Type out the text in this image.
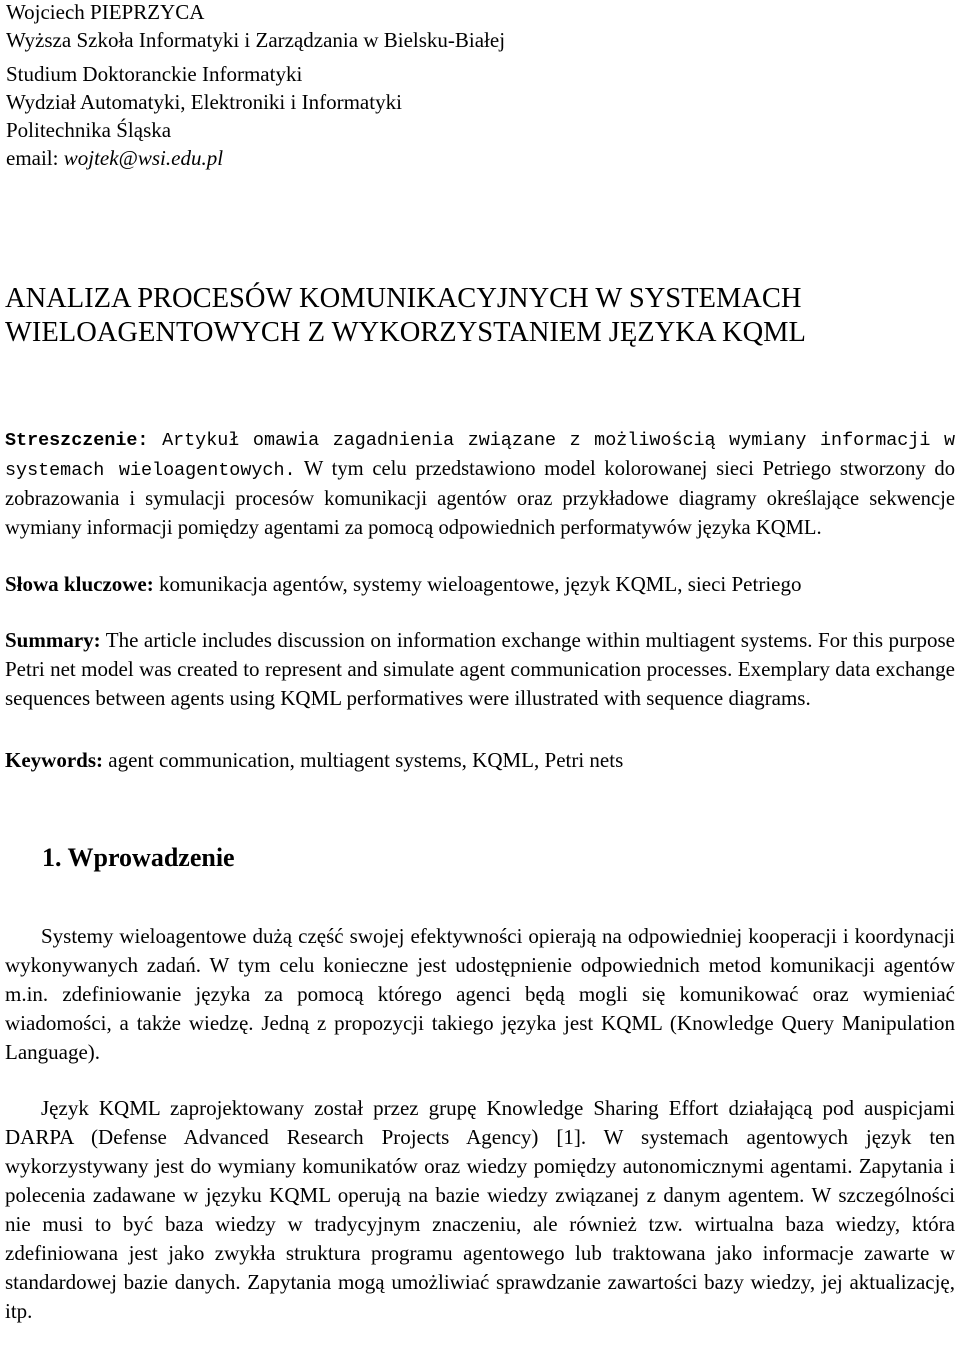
Wojciech PIEPRZYCA
Wyższa Szkoła Informatyki i Zarządzania w Bielsku-Białej
Studium Doktoranckie Informatyki
Wydział Automatyki, Elektroniki i Informatyki
Politechnika Śląska
email: wojtek@wsi.edu.pl
ANALIZA PROCESÓW KOMUNIKACYJNYCH W SYSTEMACH
WIELOAGENTOWYCH Z WYKORZYSTANIEM JĘZYKA KQML
Streszczenie: Artykuł omawia zagadnienia związane z możliwością wymiany informacji w systemach wieloagentowych. W tym celu przedstawiono model kolorowanej sieci Petriego stworzony do zobrazowania i symulacji procesów komunikacji agentów oraz przykładowe diagramy określające sekwencje wymiany informacji pomiędzy agentami za pomocą odpowiednich performatywów języka KQML.
Słowa kluczowe: komunikacja agentów, systemy wieloagentowe, język KQML, sieci Petriego
Summary: The article includes discussion on information exchange within multiagent systems. For this purpose Petri net model was created to represent and simulate agent communication processes. Exemplary data exchange sequences between agents using KQML performatives were illustrated with sequence diagrams.
Keywords: agent communication, multiagent systems, KQML, Petri nets
1. Wprowadzenie
Systemy wieloagentowe dużą część swojej efektywności opierają na odpowiedniej kooperacji i koordynacji wykonywanych zadań. W tym celu konieczne jest udostępnienie odpowiednich metod komunikacji agentów m.in. zdefiniowanie języka za pomocą którego agenci będą mogli się komunikować oraz wymieniać wiadomości, a także wiedzę. Jedną z propozycji takiego języka jest KQML (Knowledge Query Manipulation Language).
Język KQML zaprojektowany został przez grupę Knowledge Sharing Effort działającą pod auspicjami DARPA (Defense Advanced Research Projects Agency) [1]. W systemach agentowych język ten wykorzystywany jest do wymiany komunikatów oraz wiedzy pomiędzy autonomicznymi agentami. Zapytania i polecenia zadawane w języku KQML operują na bazie wiedzy związanej z danym agentem. W szczególności nie musi to być baza wiedzy w tradycyjnym znaczeniu, ale również tzw. wirtualna baza wiedzy, która zdefiniowana jest jako zwykła struktura programu agentowego lub traktowana jako informacje zawarte w standardowej bazie danych. Zapytania mogą umożliwiać sprawdzanie zawartości bazy wiedzy, jej aktualizację, itp.
